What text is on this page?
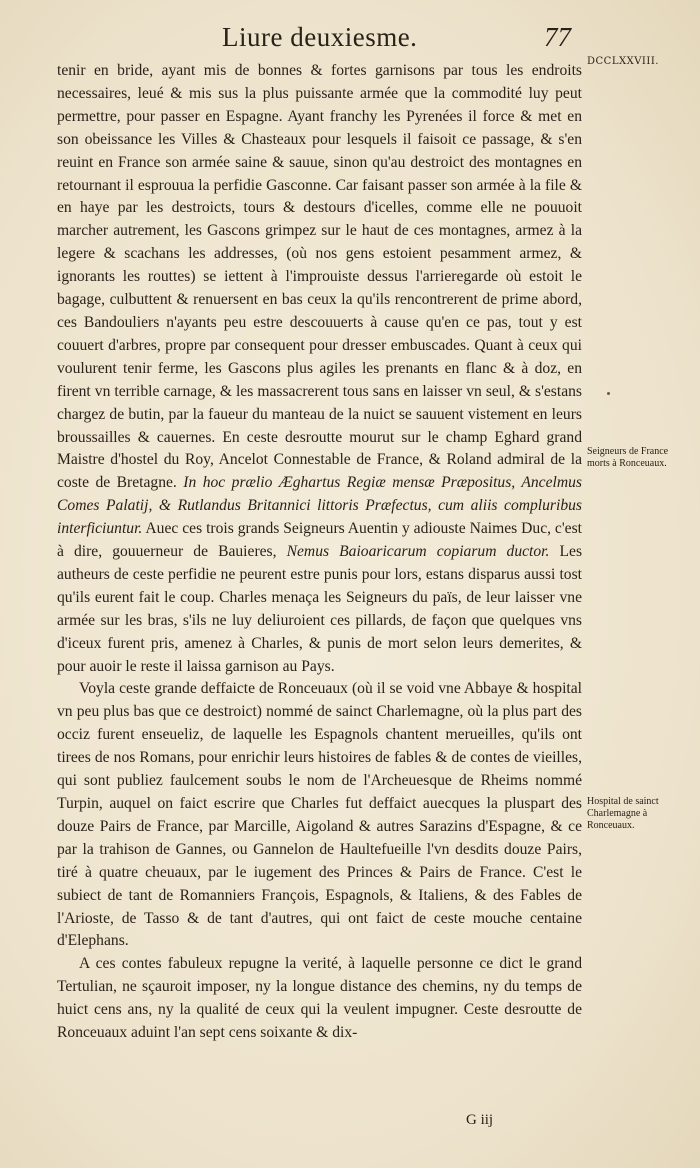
Liure deuxiesme.	77
DCCLXXVIII.

tenir en bride, ayant mis de bonnes & fortes garnisons par tous les endroits necessaires, leué & mis sus la plus puissante armée que la commodité luy peut permettre, pour passer en Espagne. Ayant franchy les Pyrenées il force & met en son obeissance les Villes & Chasteaux pour lesquels il faisoit ce passage, & s'en reuint en France son armée saine & sauue, sinon qu'au destroict des montagnes en retournant il esprouua la perfidie Gasconne. Car faisant passer son armée à la file & en haye par les destroicts, tours & destours d'icelles, comme elle ne pouuoit marcher autrement, les Gascons grimpez sur le haut de ces montagnes, armez à la legere & scachans les addresses, (où nos gens estoient pesamment armez, & ignorants les routtes) se iettent à l'improuiste dessus l'arrieregarde où estoit le bagage, culbuttent & renuersent en bas ceux la qu'ils rencontrerent de prime abord, ces Bandouliers n'ayants peu estre descouuerts à cause qu'en ce pas, tout y est couuert d'arbres, propre par consequent pour dresser embuscades. Quant à ceux qui voulurent tenir ferme, les Gascons plus agiles les prenants en flanc & à doz, en firent vn terrible carnage, & les massacrerent tous sans en laisser vn seul, & s'estans chargez de butin, par la faueur du manteau de la nuict se sauuent vistement en leurs broussailles & cauernes. En ceste desroutte mourut sur le champ Eghard grand Maistre d'hostel du Roy, Ancelot Connestable de France, & Roland admiral de la coste de Bretagne. In hoc prælio Æghartus Regiæ mensæ Præpositus, Ancelmus Comes Palatij, & Rutlandus Britannici littoris Præfectus, cum aliis compluribus interficiuntur. Auec ces trois grands Seigneurs Auentin y adiouste Naimes Duc, c'est à dire, gouuerneur de Bauieres, Nemus Baioaricarum copiarum ductor. Les autheurs de ceste perfidie ne peurent estre punis pour lors, estans disparus aussi tost qu'ils eurent fait le coup. Charles menaça les Seigneurs du païs, de leur laisser vne armée sur les bras, s'ils ne luy deliuroient ces pillards, de façon que quelques vns d'iceux furent pris, amenez à Charles, & punis de mort selon leurs demerites, & pour auoir le reste il laissa garnison au Pays.

Voyla ceste grande deffaicte de Ronceuaux (où il se void vne Abbaye & hospital vn peu plus bas que ce destroict) nommé de sainct Charlemagne, où la plus part des occiz furent enseueliz, de laquelle les Espagnols chantent merueilles, qu'ils ont tirees de nos Romans, pour enrichir leurs histoires de fables & de contes de vieilles, qui sont publiez faulcement soubs le nom de l'Archeuesque de Rheims nommé Turpin, auquel on faict escrire que Charles fut deffaict auecques la pluspart des douze Pairs de France, par Marcille, Aigoland & autres Sarazins d'Espagne, & ce par la trahison de Gannes, ou Gannelon de Haultefueille l'vn desdits douze Pairs, tiré à quatre cheuaux, par le iugement des Princes & Pairs de France. C'est le subiect de tant de Romanniers François, Espagnols, & Italiens, & des Fables de l'Arioste, de Tasso & de tant d'autres, qui ont faict de ceste mouche centaine d'Elephans.

A ces contes fabuleux repugne la verité, à laquelle personne ce dict le grand Tertulian, ne sçauroit imposer, ny la longue distance des chemins, ny du temps de huict cens ans, ny la qualité de ceux qui la veulent impugner. Ceste desroutte de Ronceuaux aduint l'an sept cens soixante & dix-

Seigneurs de France morts à Ronceuaux.
Hospital de sainct Charlemagne à Ronceuaux.
G iij
